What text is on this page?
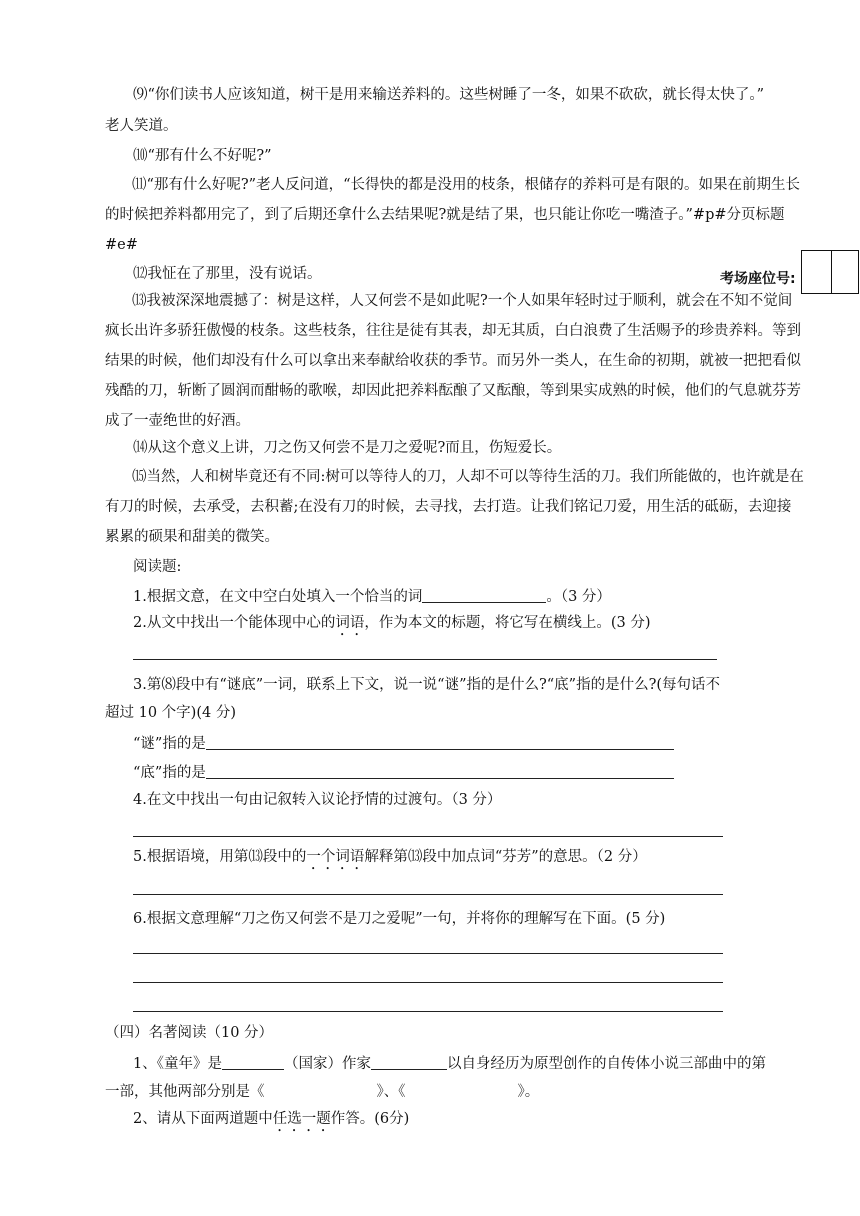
⑼“你们读书人应该知道，树干是用来输送养料的。这些树睡了一冬，如果不砍砍，就长得太快了。”
老人笑道。
⑽“那有什么不好呢?”

⑾“那有什么好呢?”老人反问道，“长得快的都是没用的枝条，根储存的养料可是有限的。如果在前期生长的时候把养料都用完了，到了后期还拿什么去结果呢?就是结了果，也只能让你吃一嘴渣子。”#p#分页标题#e#

⑿我怔在了那里，没有说话。	考场座位号:

⒀我被深深地震撼了：树是这样，人又何尝不是如此呢?一个人如果年轻时过于顺利，就会在不知不觉间疯长出许多骄狂傲慢的枝条。这些枝条，往往是徒有其表，却无其质，白白浪费了生活赐予的珍贵养料。等到结果的时候，他们却没有什么可以拿出来奉献给收获的季节。而另外一类人，在生命的初期，就被一把把看似残酷的刀，斩断了圆润而酣畅的歌喉，却因此把养料酝酿了又酝酿，等到果实成熟的时候，他们的气息就芬芳成了一壶绝世的好酒。

⒁从这个意义上讲，刀之伤又何尝不是刀之爱呢?而且，伤短爱长。

⒂当然，人和树毕竟还有不同:树可以等待人的刀，人却不可以等待生活的刀。我们所能做的，也许就是在有刀的时候，去承受，去积蓄;在没有刀的时候，去寻找，去打造。让我们铭记刀爱，用生活的砥砺，去迎接累累的硕果和甜美的微笑。

阅读题:
1.根据文意，在文中空白处填入一个恰当的词	。（3 分）
2.从文中找出一个能体现中心的词语，作为本文的标题，将它写在横线上。(3 分)
3.第⑻段中有“谜底”一词，联系上下文，说一说“谜”指的是什么?“底”指的是什么?(每句话不
超过 10 个字)(4 分)
“谜”指的是
“底”指的是
4.在文中找出一句由记叙转入议论抒情的过渡句。（3 分）
5.根据语境，用第⒀段中的一个词语解释第⒀段中加点词“芬芳”的意思。（2 分）
6.根据文意理解“刀之伤又何尝不是刀之爱呢”一句，并将你的理解写在下面。(5 分)
（四）名著阅读（10 分）
1、《童年》是	（国家）作家	以自身经历为原型创作的自传体小说三部曲中的第
一部，其他两部分别是《	》、《	》。
2、请从下面两道题中任选一题作答。(6分)
